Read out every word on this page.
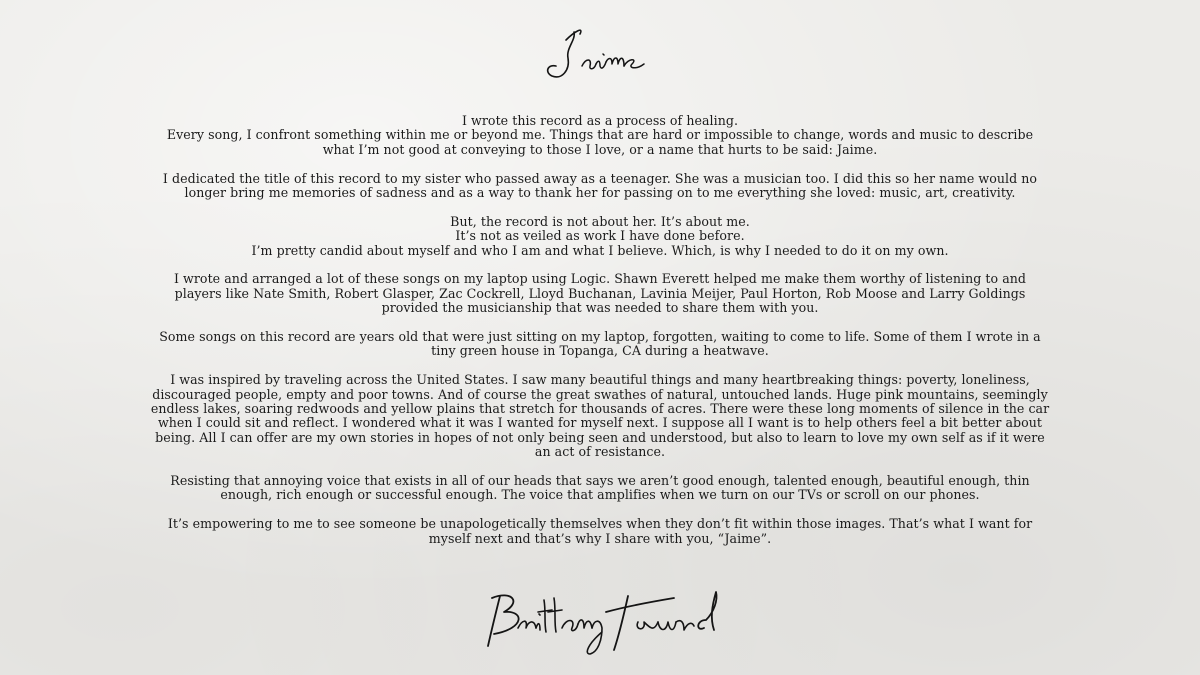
I wrote this record as a process of healing.
Every song, I confront something within me or beyond me. Things that are hard or impossible to change, words and music to describe
what I’m not good at conveying to those I love, or a name that hurts to be said: Jaime.

I dedicated the title of this record to my sister who passed away as a teenager. She was a musician too. I did this so her name would no
longer bring me memories of sadness and as a way to thank her for passing on to me everything she loved: music, art, creativity.

But, the record is not about her. It’s about me.
It’s not as veiled as work I have done before.
I’m pretty candid about myself and who I am and what I believe. Which, is why I needed to do it on my own.

I wrote and arranged a lot of these songs on my laptop using Logic. Shawn Everett helped me make them worthy of listening to and
players like Nate Smith, Robert Glasper, Zac Cockrell, Lloyd Buchanan, Lavinia Meijer, Paul Horton, Rob Moose and Larry Goldings
provided the musicianship that was needed to share them with you.

Some songs on this record are years old that were just sitting on my laptop, forgotten, waiting to come to life. Some of them I wrote in a
tiny green house in Topanga, CA during a heatwave.

I was inspired by traveling across the United States. I saw many beautiful things and many heartbreaking things: poverty, loneliness,
discouraged people, empty and poor towns. And of course the great swathes of natural, untouched lands. Huge pink mountains, seemingly
endless lakes, soaring redwoods and yellow plains that stretch for thousands of acres. There were these long moments of silence in the car
when I could sit and reflect. I wondered what it was I wanted for myself next. I suppose all I want is to help others feel a bit better about
being. All I can offer are my own stories in hopes of not only being seen and understood, but also to learn to love my own self as if it were
an act of resistance.

Resisting that annoying voice that exists in all of our heads that says we aren’t good enough, talented enough, beautiful enough, thin
enough, rich enough or successful enough. The voice that amplifies when we turn on our TVs or scroll on our phones.

It’s empowering to me to see someone be unapologetically themselves when they don’t fit within those images. That’s what I want for
myself next and that’s why I share with you, “Jaime”.
